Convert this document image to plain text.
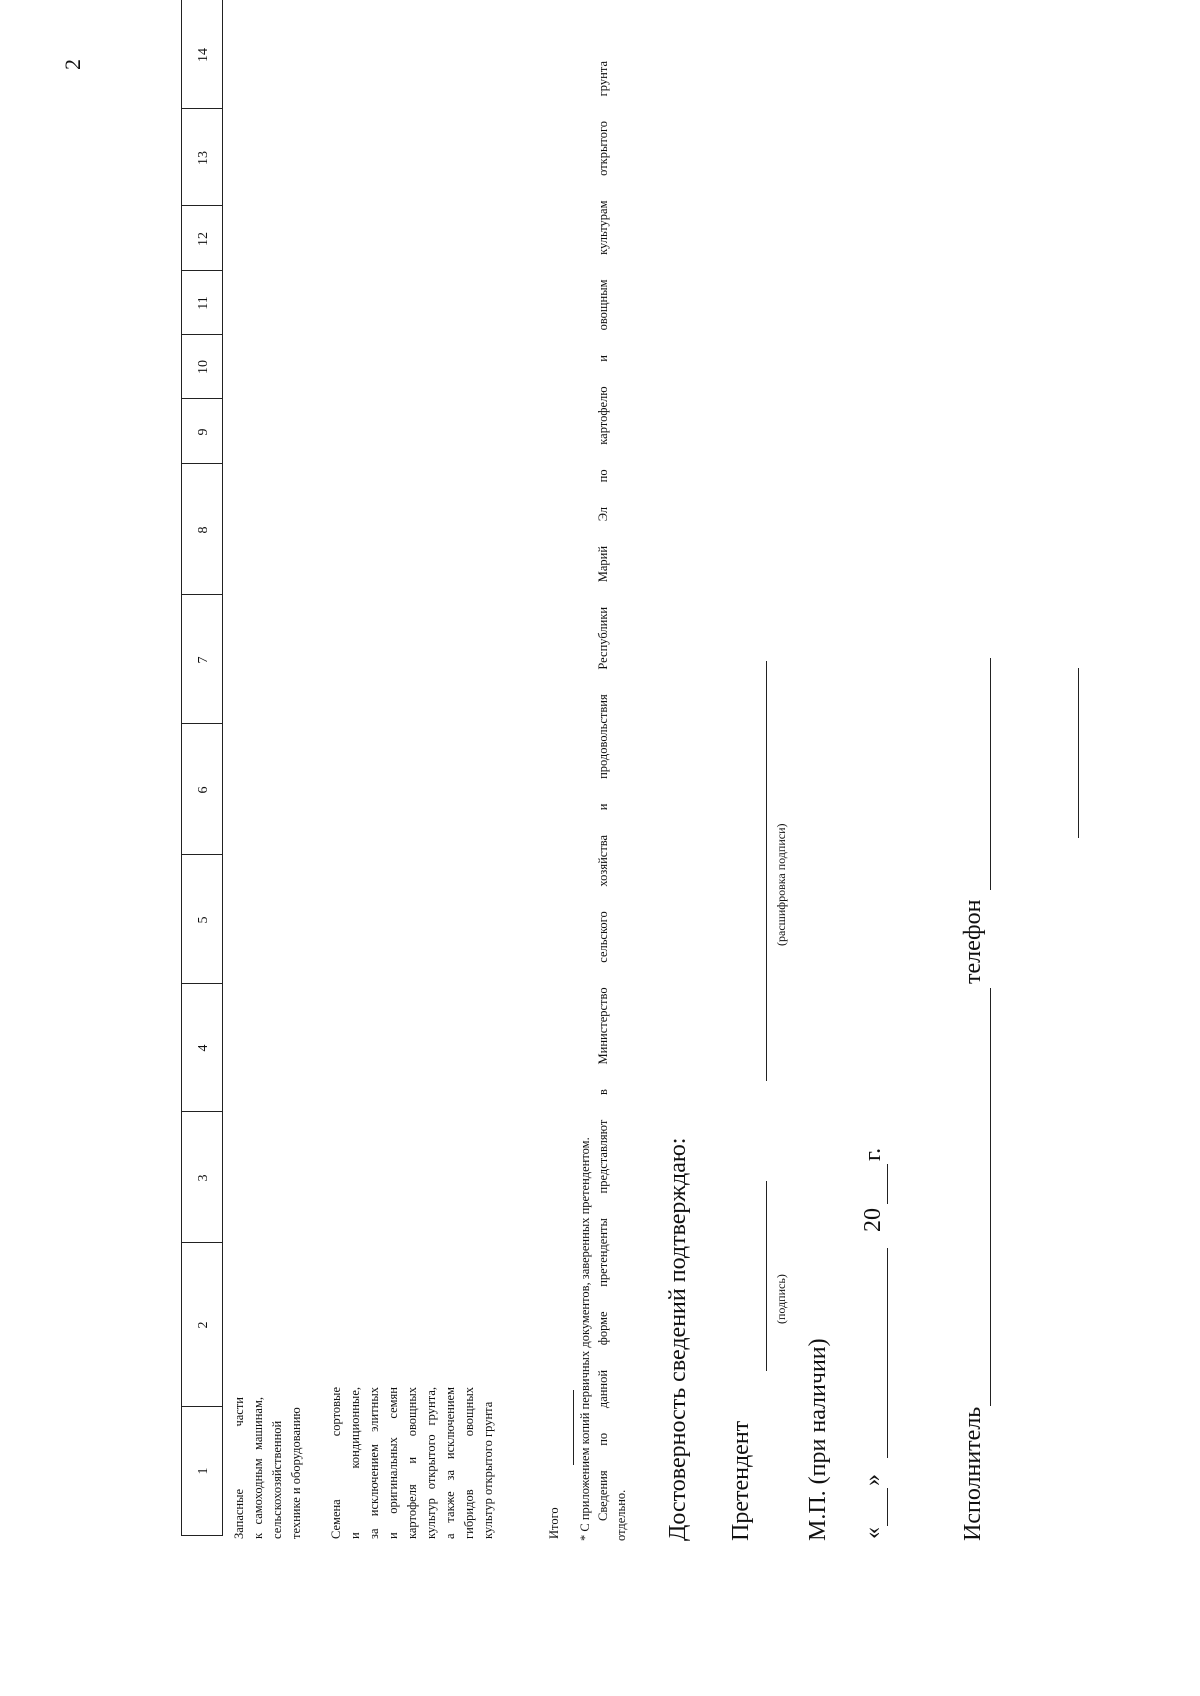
2
1
2
3
4
5
6
7
8
9
10
11
12
13
14
Запасные части к самоходным машинам, сельскохозяйственной технике и оборудованию Семена сортовые и кондиционные, за исключением элитных и оригинальных семян картофеля и овощных культур открытого грунта, а также за исключением гибридов овощных культур открытого грунта	Итого * С приложением копий первичных документов, заверенных претендентом. Сведения по данной форме претенденты представляют в Министерство сельского хозяйства и продовольствия Республики Марий Эл по картофелю и овощным культурам открытого грунта отдельно. Достоверность сведений подтверждаю: Претендент
(подпись)
(расшифровка подписи)
М.П. (при наличии) «
»
20
г.
Исполнитель
телефон
